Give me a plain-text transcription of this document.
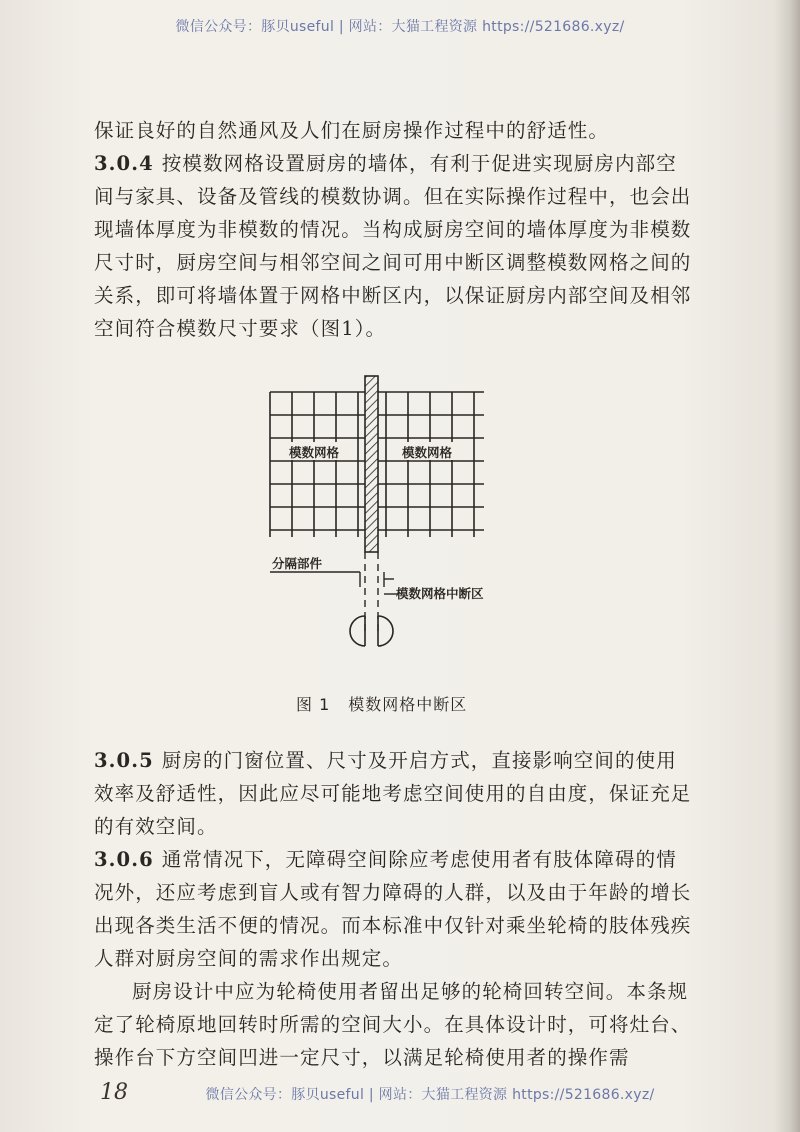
微信公众号：豚贝useful | 网站：大猫工程资源 https://521686.xyz/

保证良好的自然通风及人们在厨房操作过程中的舒适性。

3.0.4 按模数网格设置厨房的墙体，有利于促进实现厨房内部空间与家具、设备及管线的模数协调。但在实际操作过程中，也会出现墙体厚度为非模数的情况。当构成厨房空间的墙体厚度为非模数尺寸时，厨房空间与相邻空间之间可用中断区调整模数网格之间的关系，即可将墙体置于网格中断区内，以保证厨房内部空间及相邻空间符合模数尺寸要求（图1）。

模数网格	模数网格
分隔部件
模数网格中断区
图 1 模数网格中断区

3.0.5 厨房的门窗位置、尺寸及开启方式，直接影响空间的使用效率及舒适性，因此应尽可能地考虑空间使用的自由度，保证充足的有效空间。

3.0.6 通常情况下，无障碍空间除应考虑使用者有肢体障碍的情况外，还应考虑到盲人或有智力障碍的人群，以及由于年龄的增长出现各类生活不便的情况。而本标准中仅针对乘坐轮椅的肢体残疾人群对厨房空间的需求作出规定。

厨房设计中应为轮椅使用者留出足够的轮椅回转空间。本条规定了轮椅原地回转时所需的空间大小。在具体设计时，可将灶台、操作台下方空间凹进一定尺寸，以满足轮椅使用者的操作需

18	微信公众号：豚贝useful | 网站：大猫工程资源 https://521686.xyz/
